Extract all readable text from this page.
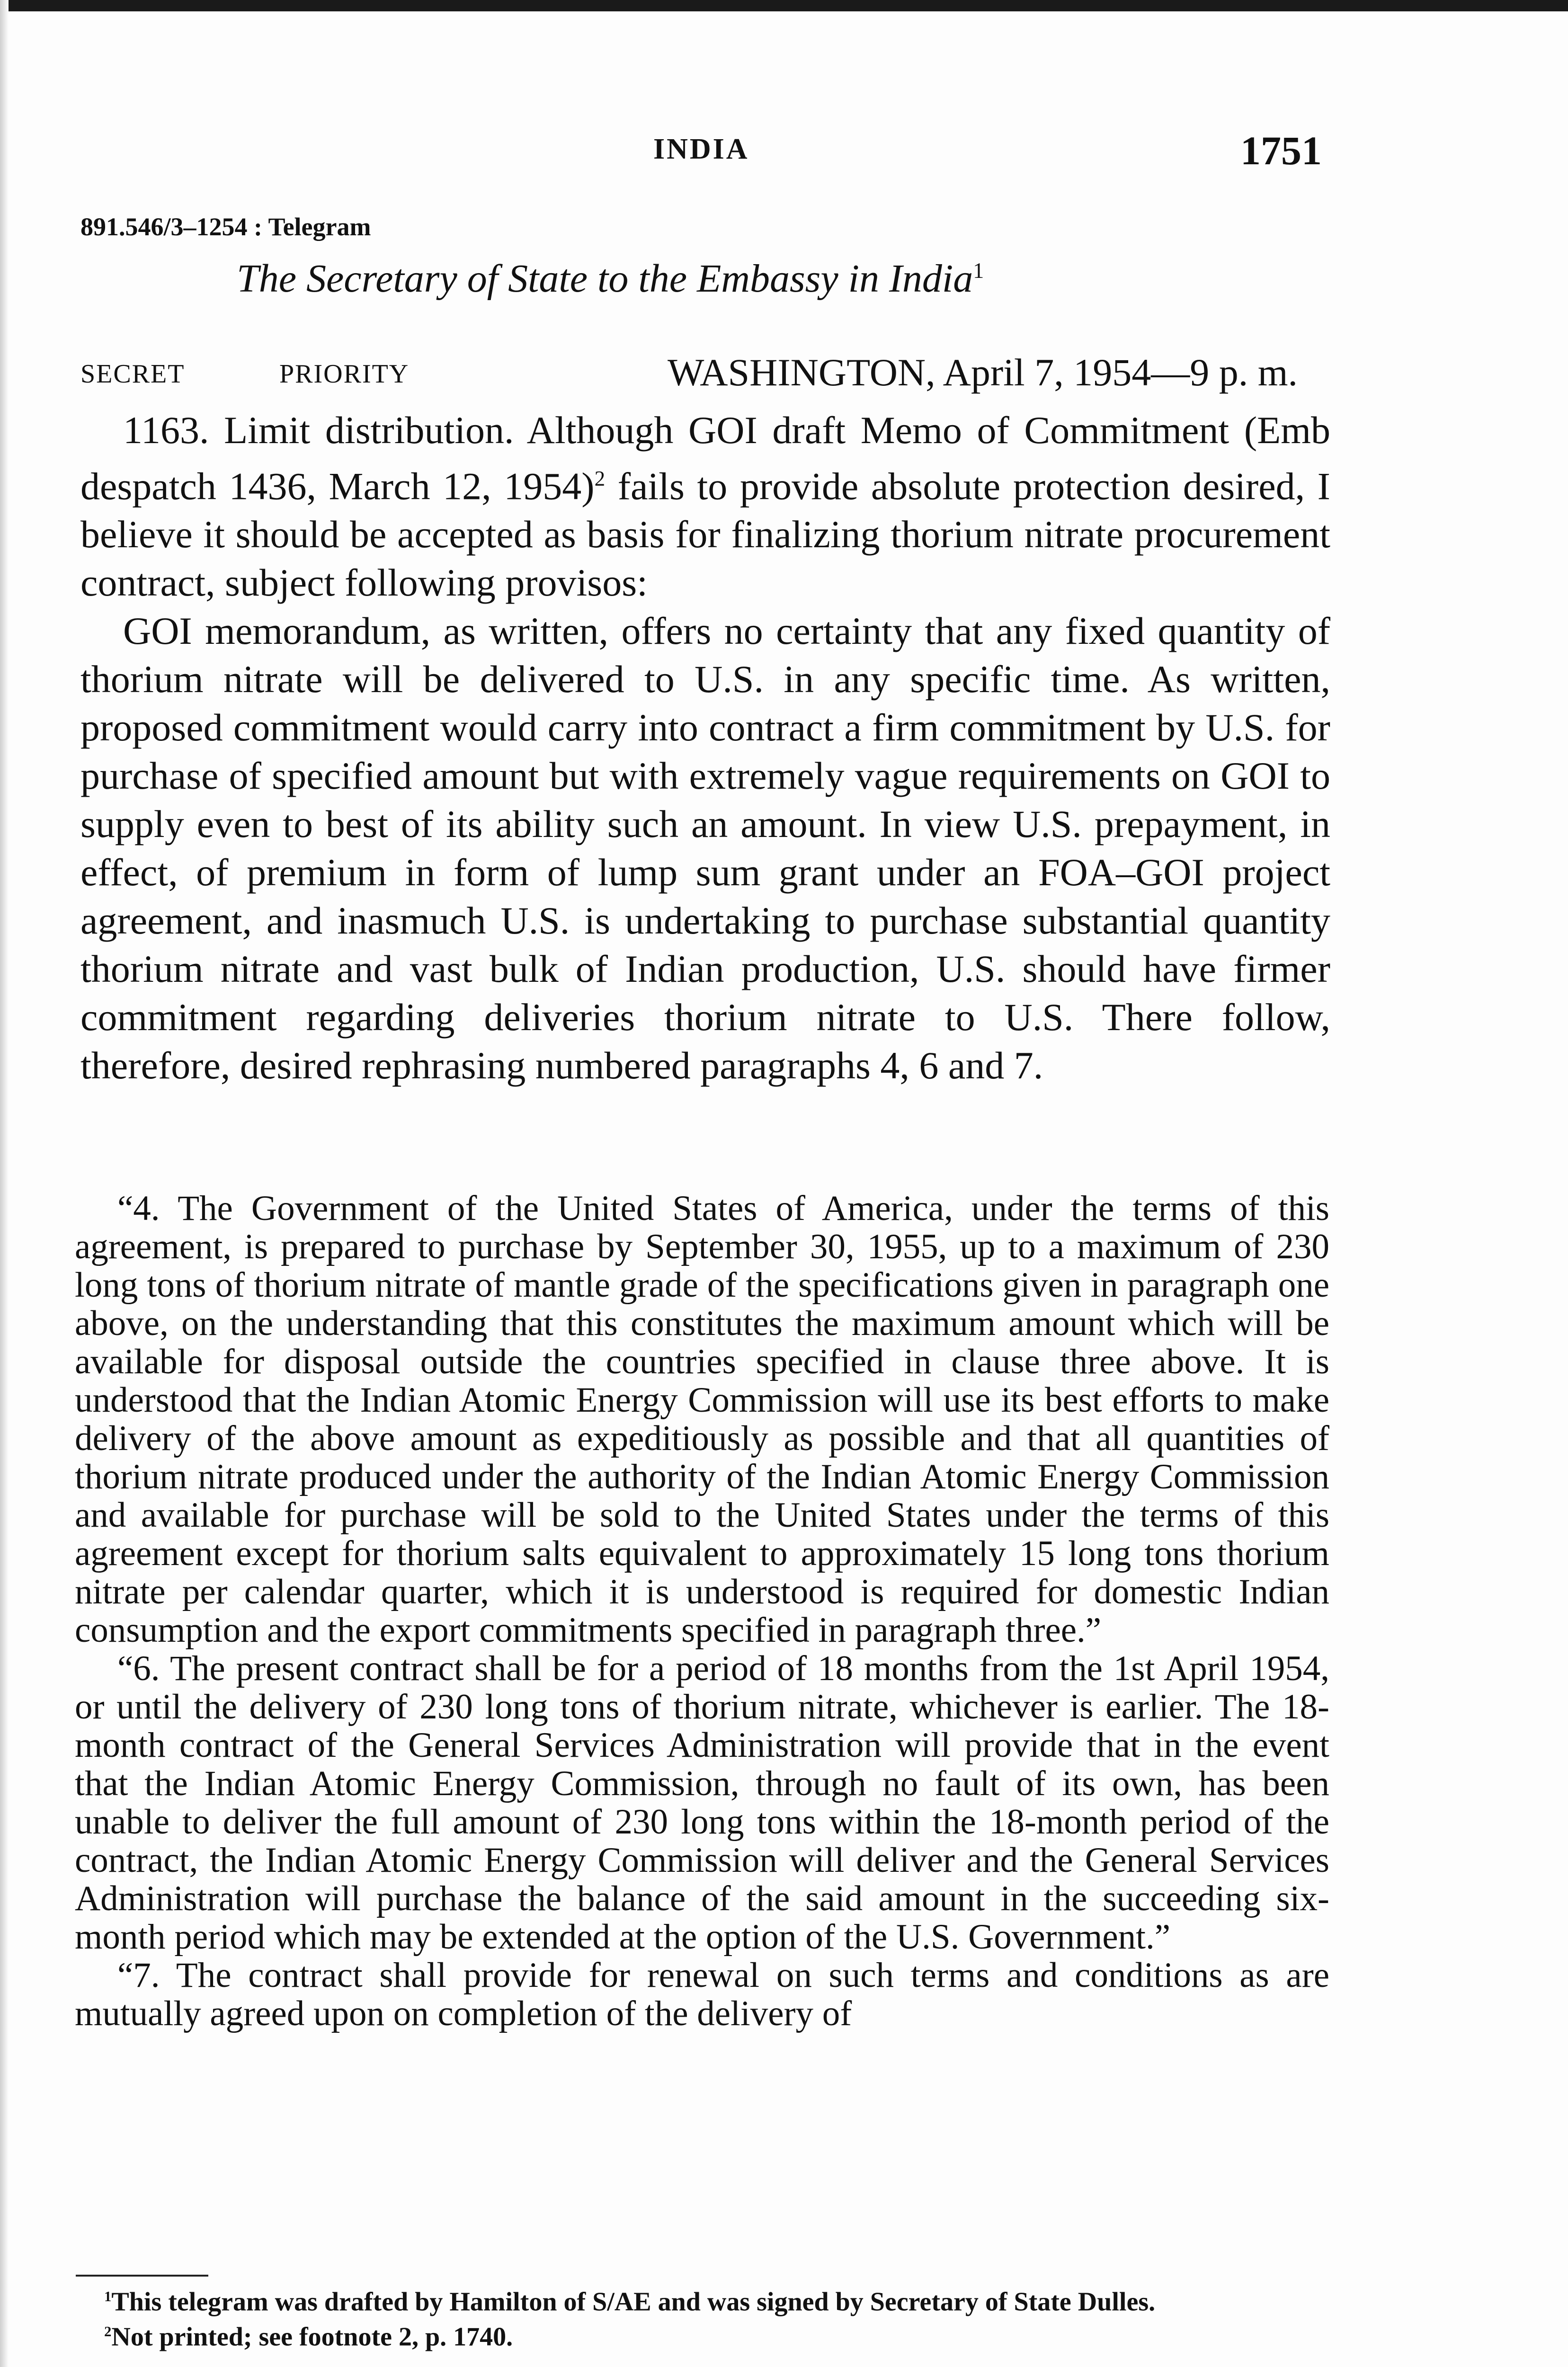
INDIA	1751
891.546/3–1254 : Telegram
The Secretary of State to the Embassy in India$^1$
SECRET	PRIORITY	WASHINGTON, April 7, 1954—9 p. m.

1163. Limit distribution. Although GOI draft Memo of Commitment (Emb despatch 1436, March 12, 1954)$^2$ fails to provide absolute protection desired, I believe it should be accepted as basis for finalizing thorium nitrate procurement contract, subject following provisos:

GOI memorandum, as written, offers no certainty that any fixed quantity of thorium nitrate will be delivered to U.S. in any specific time. As written, proposed commitment would carry into contract a firm commitment by U.S. for purchase of specified amount but with extremely vague requirements on GOI to supply even to best of its ability such an amount. In view U.S. prepayment, in effect, of premium in form of lump sum grant under an FOA–GOI project agreement, and inasmuch U.S. is undertaking to purchase substantial quantity thorium nitrate and vast bulk of Indian production, U.S. should have firmer commitment regarding deliveries thorium nitrate to U.S. There follow, therefore, desired rephrasing numbered paragraphs 4, 6 and 7.

“4. The Government of the United States of America, under the terms of this agreement, is prepared to purchase by September 30, 1955, up to a maximum of 230 long tons of thorium nitrate of mantle grade of the specifications given in paragraph one above, on the understanding that this constitutes the maximum amount which will be available for disposal outside the countries specified in clause three above. It is understood that the Indian Atomic Energy Commission will use its best efforts to make delivery of the above amount as expeditiously as possible and that all quantities of thorium nitrate produced under the authority of the Indian Atomic Energy Commission and available for purchase will be sold to the United States under the terms of this agreement except for thorium salts equivalent to approximately 15 long tons thorium nitrate per calendar quarter, which it is understood is required for domestic Indian consumption and the export commitments specified in paragraph three.”

“6. The present contract shall be for a period of 18 months from the 1st April 1954, or until the delivery of 230 long tons of thorium nitrate, whichever is earlier. The 18-month contract of the General Services Administration will provide that in the event that the Indian Atomic Energy Commission, through no fault of its own, has been unable to deliver the full amount of 230 long tons within the 18-month period of the contract, the Indian Atomic Energy Commission will deliver and the General Services Administration will purchase the balance of the said amount in the succeeding six-month period which may be extended at the option of the U.S. Government.”

“7. The contract shall provide for renewal on such terms and conditions as are mutually agreed upon on completion of the delivery of

$^1$This telegram was drafted by Hamilton of S/AE and was signed by Secretary of State Dulles.

$^2$Not printed; see footnote 2, p. 1740.
